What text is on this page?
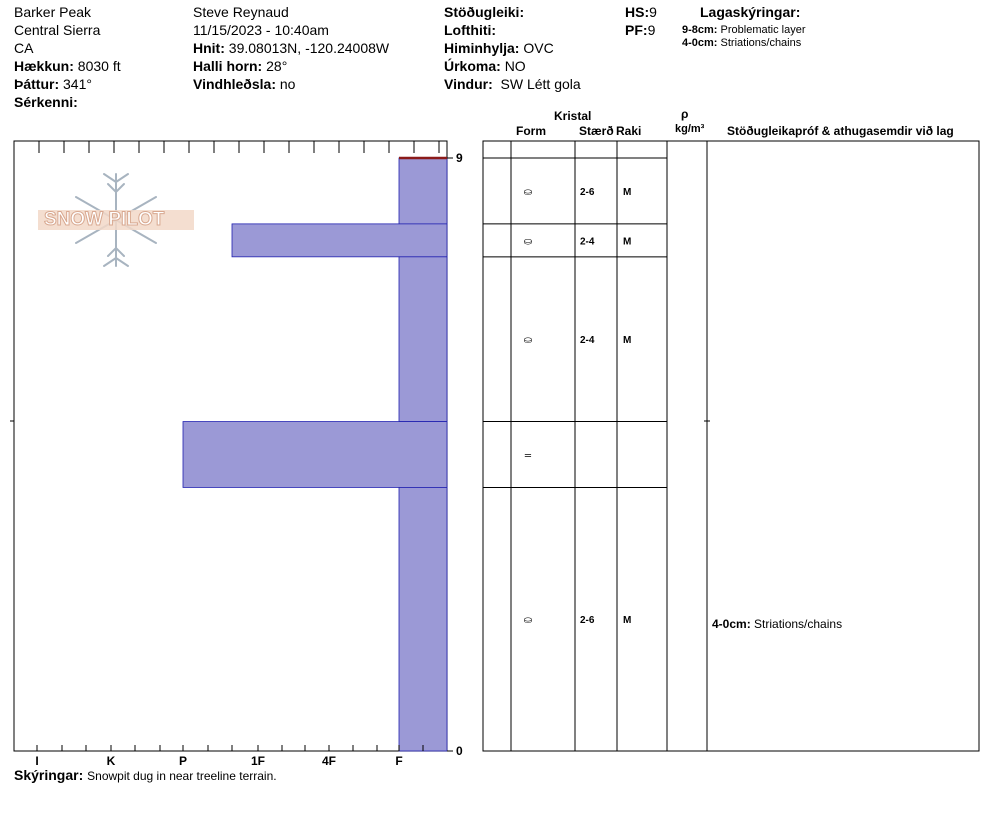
Barker Peak
Central Sierra
CA
Hækkun: 8030 ft
Þáttur: 341°
Sérkenni:
Steve Reynaud
11/15/2023 - 10:40am
Hnit: 39.08013N, -120.24008W
Halli horn: 28°
Vindhleðsla: no
Stöðugleiki:
Lofthiti:
Himinhylja: OVC
Úrkoma: NO
Vindur: SW Létt gola
HS:9
PF:9
Lagaskýringar:
9-8cm: Problematic layer
4-0cm: Striations/chains
Kristal
Form	Stærð Raki
ρ
kg/m³ Stöðugleikapróf & athugasemdir við lag
SNOW PILOT
I	K	P	1F	4F	F
9
0
⛀	2-6	M
⛀	2-4	M
⛀	2-4	M
=
⛀	2-6	M	4-0cm: Striations/chains
Skýringar: Snowpit dug in near treeline terrain.
